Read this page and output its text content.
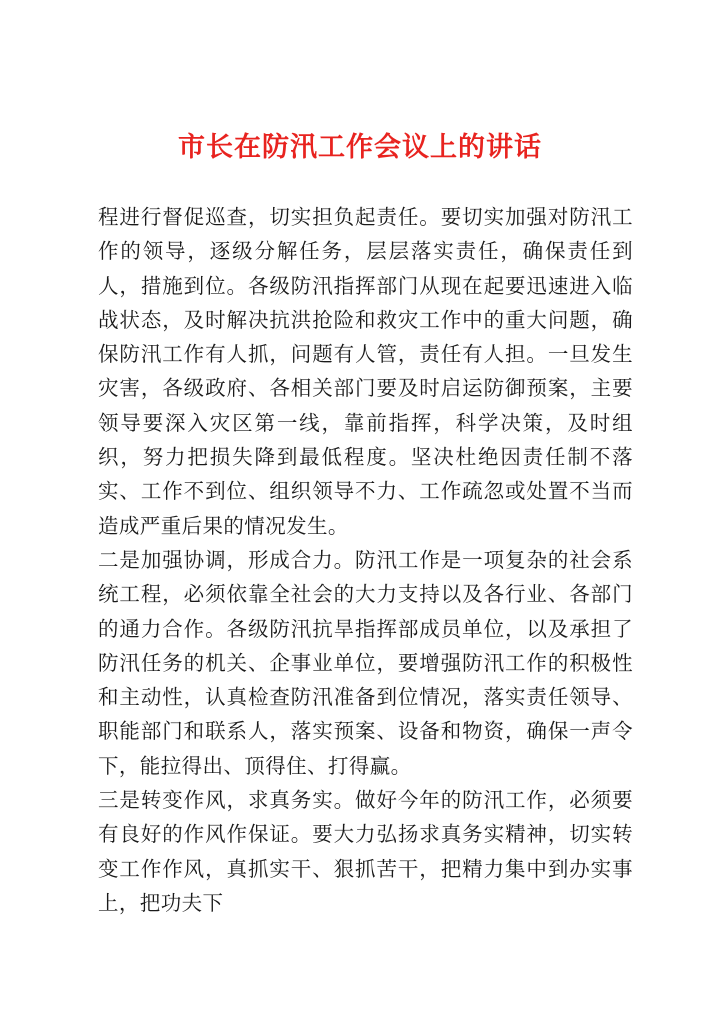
市长在防汛工作会议上的讲话

程进行督促巡查，切实担负起责任。要切实加强对防汛工作的领导，逐级分解任务，层层落实责任，确保责任到人，措施到位。各级防汛指挥部门从现在起要迅速进入临战状态，及时解决抗洪抢险和救灾工作中的重大问题，确保防汛工作有人抓，问题有人管，责任有人担。一旦发生灾害，各级政府、各相关部门要及时启运防御预案，主要领导要深入灾区第一线，靠前指挥，科学决策，及时组织，努力把损失降到最低程度。坚决杜绝因责任制不落实、工作不到位、组织领导不力、工作疏忽或处置不当而造成严重后果的情况发生。

二是加强协调，形成合力。防汛工作是一项复杂的社会系统工程，必须依靠全社会的大力支持以及各行业、各部门的通力合作。各级防汛抗旱指挥部成员单位，以及承担了防汛任务的机关、企事业单位，要增强防汛工作的积极性和主动性，认真检查防汛准备到位情况，落实责任领导、职能部门和联系人，落实预案、设备和物资，确保一声令下，能拉得出、顶得住、打得赢。

三是转变作风，求真务实。做好今年的防汛工作，必须要有良好的作风作保证。要大力弘扬求真务实精神，切实转变工作作风，真抓实干、狠抓苦干，把精力集中到办实事上，把功夫下
